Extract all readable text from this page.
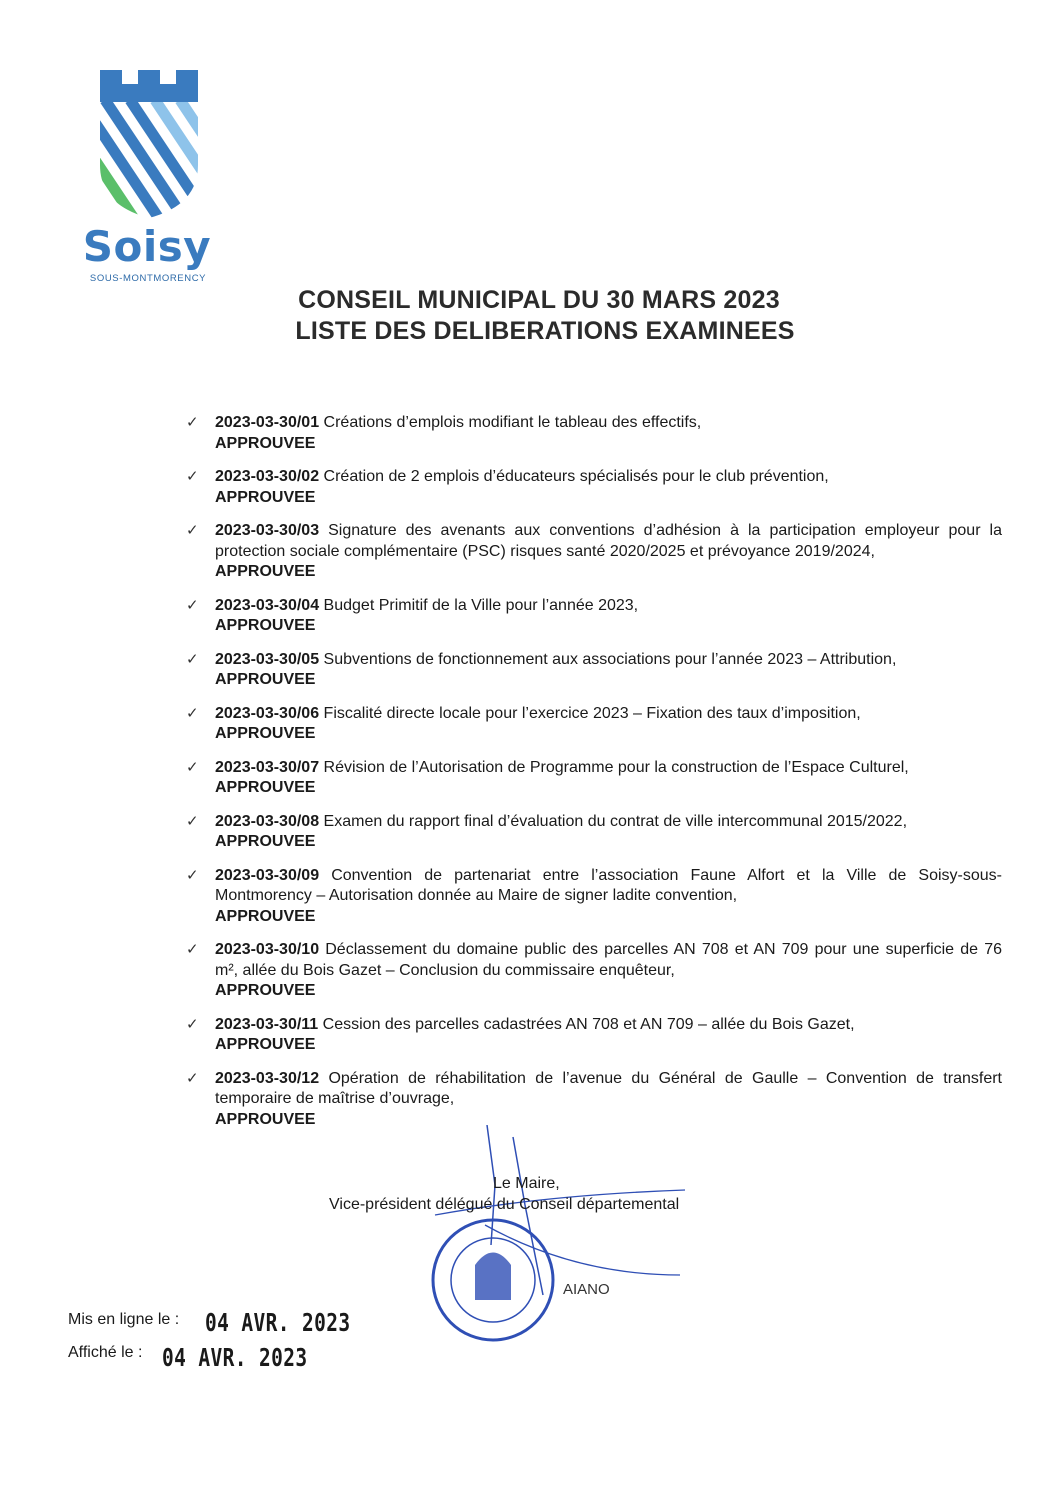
Soisy
SOUS-MONTMORENCY
CONSEIL MUNICIPAL DU 30 MARS 2023
LISTE DES DELIBERATIONS EXAMINEES
✓ 2023-03-30/01 Créations d’emplois modifiant le tableau des effectifs,
APPROUVEE
✓ 2023-03-30/02 Création de 2 emplois d’éducateurs spécialisés pour le club prévention,
APPROUVEE
✓ 2023-03-30/03 Signature des avenants aux conventions d’adhésion à la participation employeur pour la protection sociale complémentaire (PSC) risques santé 2020/2025 et prévoyance 2019/2024,
APPROUVEE
✓ 2023-03-30/04 Budget Primitif de la Ville pour l’année 2023,
APPROUVEE
✓ 2023-03-30/05 Subventions de fonctionnement aux associations pour l’année 2023 – Attribution,
APPROUVEE
✓ 2023-03-30/06 Fiscalité directe locale pour l’exercice 2023 – Fixation des taux d’imposition,
APPROUVEE
✓ 2023-03-30/07 Révision de l’Autorisation de Programme pour la construction de l’Espace Culturel,
APPROUVEE
✓ 2023-03-30/08 Examen du rapport final d’évaluation du contrat de ville intercommunal 2015/2022,
APPROUVEE
✓ 2023-03-30/09 Convention de partenariat entre l’association Faune Alfort et la Ville de Soisy-sous-Montmorency – Autorisation donnée au Maire de signer ladite convention,
APPROUVEE
✓ 2023-03-30/10 Déclassement du domaine public des parcelles AN 708 et AN 709 pour une superficie de 76 m², allée du Bois Gazet – Conclusion du commissaire enquêteur,
APPROUVEE
✓ 2023-03-30/11 Cession des parcelles cadastrées AN 708 et AN 709 – allée du Bois Gazet,
APPROUVEE
✓ 2023-03-30/12 Opération de réhabilitation de l’avenue du Général de Gaulle – Convention de transfert temporaire de maîtrise d’ouvrage,
APPROUVEE
Le Maire,
Vice-président délégué du Conseil départemental
AIANO
Mis en ligne le : 04 AVR. 2023
Affiché le : 04 AVR. 2023
